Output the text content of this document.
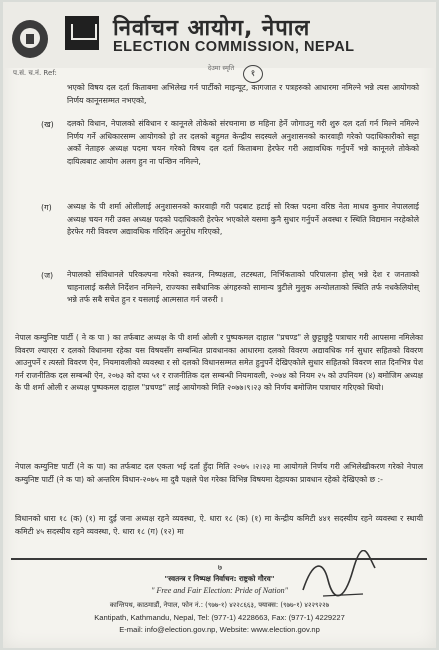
निर्वाचन आयोग, नेपाल
ELECTION COMMISSION, NEPAL
प.सं. च.नं. Ref:
देउमा स्मृति
१
भएको विषय दल दर्ता किताबमा अभिलेख गर्न पार्टीको माइन्यूट, कागजात र पत्रहरुको आधारमा नमिल्ने भन्ने त्यस आयोगको निर्णय कानूनसम्मत नभएको,
(ख) दलको विधान, नेपालको संविधान र कानूनले तोकेको संरचनामा छ महिना हेर्ने जोगाउनु गरी शुरु दल दर्ता गर्न मिल्ने नमिल्ने निर्णय गर्ने अधिकारसम्म आयोगको हो तर दलको बहुमत केन्द्रीय सदस्यले अनुशासनको कारवाही गरेको पदाधिकारीको सट्टा अर्को नेताहरु अध्यक्ष पदमा चयन गरेको विषय दल दर्ता किताबमा हेरफेर गरी अद्यावधिक गर्नुपर्ने भन्ने कानूनले तोकेको दायित्वबाट आयोग अलग हुन ना पन्छिन नमिल्ने,
(ग) अध्यक्ष के पी शर्मा ओलीलाई अनुशासनको कारवाही गरी पदबाट हटाई सो रिक्त पदमा वरिष्ठ नेता माधव कुमार नेपाललाई अध्यक्ष चयन गरी उक्त अध्यक्ष पदको पदाधिकारी हेरफेर भएकोले यसमा कुनै सुधार गर्नुपर्ने अवस्था र स्थिति विद्यमान नरहेकोले हेरफेर गरी विवरण अद्यावधिक गरिदिन अनुरोध गरिएको,
(ज) नेपालको संविधानले परिकल्पना गरेको स्वतन्त्र, निष्पक्षता, तटस्थता, निर्भिकताको परिपालना होस् भन्ने देश र जनताको चाहनालाई कसैले निर्देशन नमिल्ने, राज्यका सबैधानिक अंगहरुको सामान्य त्रुटीले मुलुक अन्योलताको स्थिति तर्फ नधकेलियोस् भन्ने तर्फ सबै सचेत हुन र यसलाई आत्मसात गर्न जरुरी ।
नेपाल कम्युनिष्ट पार्टी ( ने क पा ) का तर्फबाट अध्यक्ष के पी शर्मा ओली र पुष्पकमल दाहाल "प्रचण्ड" ले छुट्टाछुट्टै पत्राचार गरी आपसमा नमिलेका विवरण ल्याएरा र दलको विधानमा रहेका यस विषयसँग सम्बन्धित प्रावधानका आधारमा दलको विवरण अद्यावधिक गर्न सुधार सहितको विवरण आउनुपर्ने र त्यस्तो विवरण ऐन, नियमावलीको व्यवस्था र सो दलको विधानसम्मत समेत हुनुपर्ने देखिएकोले सुधार सहितको विवरण सात दिनभित्र पेश गर्न राजनीतिक दल सम्बन्धी ऐन, २०७३ को दफा ५१ र राजनीतिक दल सम्बन्धी नियमावली, २०७४ को नियम २५ को उपनियम (४) बमोजिम अध्यक्ष के पी शर्मा ओली र अध्यक्ष पुष्पकमल दाहाल "प्रचण्ड" लाई आयोगको मिति २०७७।९।२३ को निर्णय बमोजिम पत्राचार गरिएको थियो।
नेपाल कम्युनिष्ट पार्टी (ने क पा) का तर्फबाट दल एकता भई दर्ता हुँदा मिति २०७५ ।२।२३ मा आयोगले निर्णय गरी अभिलेखीकरण गरेको नेपाल कम्युनिष्ट पार्टी (ने क पा) को अन्तरिम विधान-२०७५ मा दुवै पक्षले पेश गरेका विभिन्न विषयमा देहायका प्रावधान रहेको देखिएको छ :-
विधानको धारा १८ (क) (१) मा दुई जना अध्यक्ष रहने व्यवस्था, ऐ. धारा १८ (क) (१) मा केन्द्रीय कमिटी ४४१ सदस्यीय रहने व्यवस्था र स्थायी कमिटी ४५ सदस्यीय रहने व्यवस्था, ऐ. धारा १८ (ग) (१२) मा
७
"स्वतन्त्र र निष्पक्ष निर्वाचन: राष्ट्रको गौरव"
" Free and Fair Election: Pride of Nation"
कान्तिपथ, काठमाडौं, नेपाल, फोन नं.: (९७७-१) ४२२८६६३, फ्याक्स: (९७७-१) ४२२९२२७
Kantipath, Kathmandu, Nepal, Tel: (977-1) 4228663, Fax: (977-1) 4229227
E-mail: info@election.gov.np, Website: www.election.gov.np
